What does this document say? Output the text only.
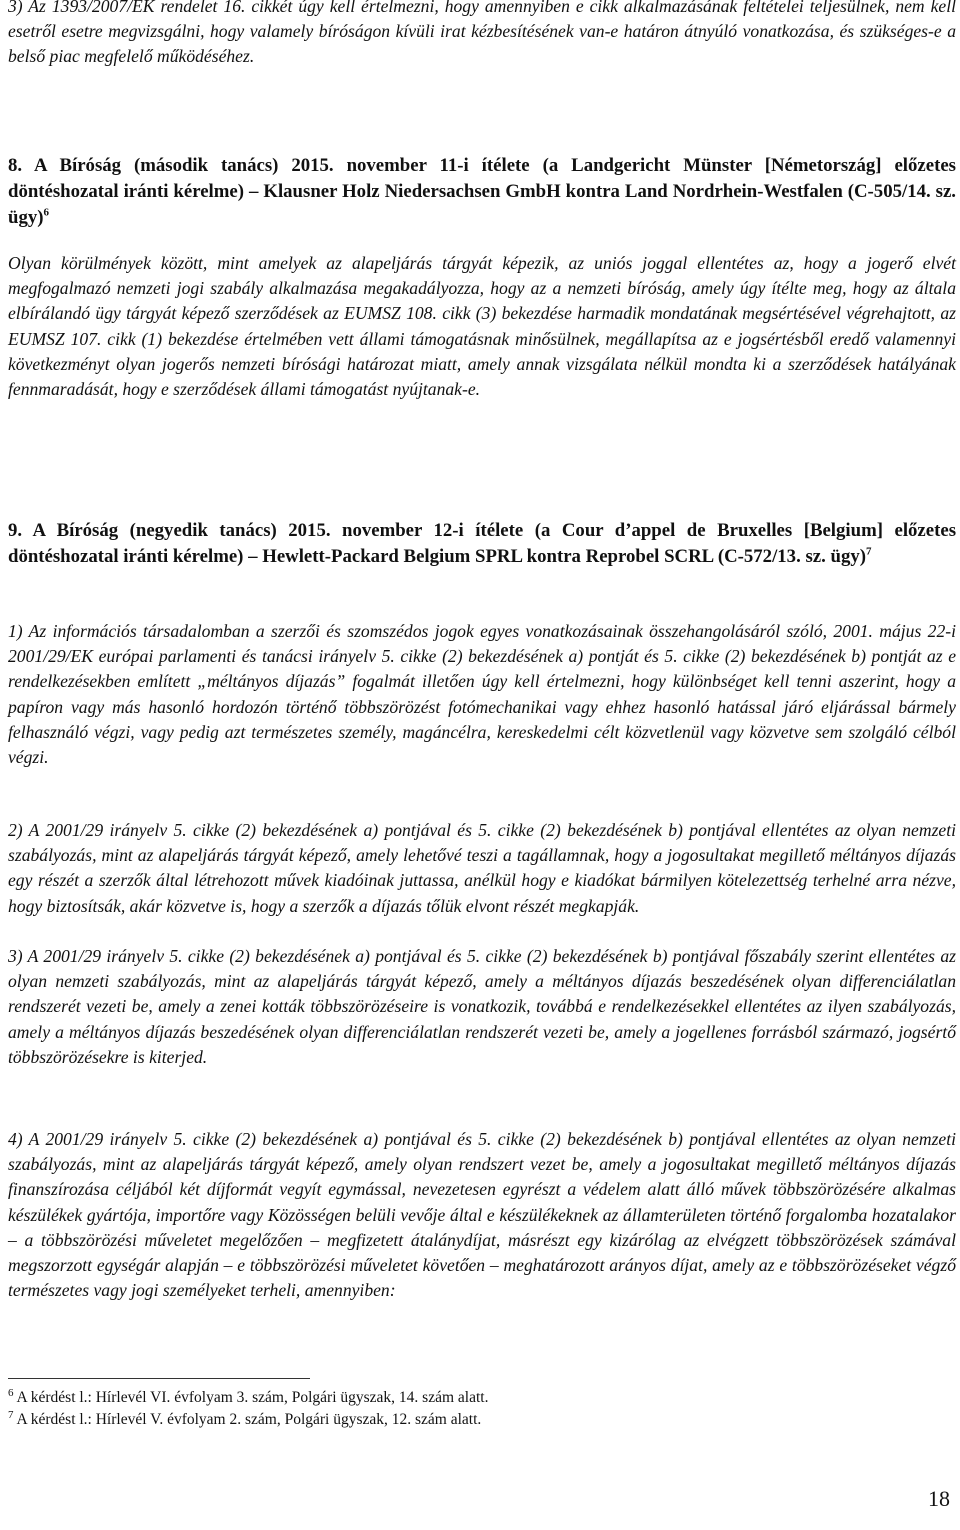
3) Az 1393/2007/EK rendelet 16. cikkét úgy kell értelmezni, hogy amennyiben e cikk alkalmazásának feltételei teljesülnek, nem kell esetről esetre megvizsgálni, hogy valamely bíróságon kívüli irat kézbesítésének van-e határon átnyúló vonatkozása, és szükséges-e a belső piac megfelelő működéséhez.

8. A Bíróság (második tanács) 2015. november 11-i ítélete (a Landgericht Münster [Németország] előzetes döntéshozatal iránti kérelme) – Klausner Holz Niedersachsen GmbH kontra Land Nordrhein-Westfalen (C-505/14. sz. ügy)$^6$

Olyan körülmények között, mint amelyek az alapeljárás tárgyát képezik, az uniós joggal ellentétes az, hogy a jogerő elvét megfogalmazó nemzeti jogi szabály alkalmazása megakadályozza, hogy az a nemzeti bíróság, amely úgy ítélte meg, hogy az általa elbírálandó ügy tárgyát képező szerződések az EUMSZ 108. cikk (3) bekezdése harmadik mondatának megsértésével végrehajtott, az EUMSZ 107. cikk (1) bekezdése értelmében vett állami támogatásnak minősülnek, megállapítsa az e jogsértésből eredő valamennyi következményt olyan jogerős nemzeti bírósági határozat miatt, amely annak vizsgálata nélkül mondta ki a szerződések hatályának fennmaradását, hogy e szerződések állami támogatást nyújtanak-e.

9. A Bíróság (negyedik tanács) 2015. november 12-i ítélete (a Cour d’appel de Bruxelles [Belgium] előzetes döntéshozatal iránti kérelme) – Hewlett-Packard Belgium SPRL kontra Reprobel SCRL (C-572/13. sz. ügy)$^7$

1) Az információs társadalomban a szerzői és szomszédos jogok egyes vonatkozásainak összehangolásáról szóló, 2001. május 22-i 2001/29/EK európai parlamenti és tanácsi irányelv 5. cikke (2) bekezdésének a) pontját és 5. cikke (2) bekezdésének b) pontját az e rendelkezésekben említett „méltányos díjazás” fogalmát illetően úgy kell értelmezni, hogy különbséget kell tenni aszerint, hogy a papíron vagy más hasonló hordozón történő többszörözést fotómechanikai vagy ehhez hasonló hatással járó eljárással bármely felhasználó végzi, vagy pedig azt természetes személy, magáncélra, kereskedelmi célt közvetlenül vagy közvetve sem szolgáló célból végzi.

2) A 2001/29 irányelv 5. cikke (2) bekezdésének a) pontjával és 5. cikke (2) bekezdésének b) pontjával ellentétes az olyan nemzeti szabályozás, mint az alapeljárás tárgyát képező, amely lehetővé teszi a tagállamnak, hogy a jogosultakat megillető méltányos díjazás egy részét a szerzők által létrehozott művek kiadóinak juttassa, anélkül hogy e kiadókat bármilyen kötelezettség terhelné arra nézve, hogy biztosítsák, akár közvetve is, hogy a szerzők a díjazás tőlük elvont részét megkapják.

3) A 2001/29 irányelv 5. cikke (2) bekezdésének a) pontjával és 5. cikke (2) bekezdésének b) pontjával főszabály szerint ellentétes az olyan nemzeti szabályozás, mint az alapeljárás tárgyát képező, amely a méltányos díjazás beszedésének olyan differenciálatlan rendszerét vezeti be, amely a zenei kották többszörözéseire is vonatkozik, továbbá e rendelkezésekkel ellentétes az ilyen szabályozás, amely a méltányos díjazás beszedésének olyan differenciálatlan rendszerét vezeti be, amely a jogellenes forrásból származó, jogsértő többszörözésekre is kiterjed.

4) A 2001/29 irányelv 5. cikke (2) bekezdésének a) pontjával és 5. cikke (2) bekezdésének b) pontjával ellentétes az olyan nemzeti szabályozás, mint az alapeljárás tárgyát képező, amely olyan rendszert vezet be, amely a jogosultakat megillető méltányos díjazás finanszírozása céljából két díjformát vegyít egymással, nevezetesen egyrészt a védelem alatt álló művek többszörözésére alkalmas készülékek gyártója, importőre vagy Közösségen belüli vevője által e készülékeknek az államterületen történő forgalomba hozatalakor – a többszörözési műveletet megelőzően – megfizetett átalánydíjat, másrészt egy kizárólag az elvégzett többszörözések számával megszorzott egységár alapján – e többszörözési műveletet követően – meghatározott arányos díjat, amely az e többszörözéseket végző természetes vagy jogi személyeket terheli, amennyiben:

$^6$ A kérdést l.: Hírlevél VI. évfolyam 3. szám, Polgári ügyszak, 14. szám alatt.
$^7$ A kérdést l.: Hírlevél V. évfolyam 2. szám, Polgári ügyszak, 12. szám alatt.
18
